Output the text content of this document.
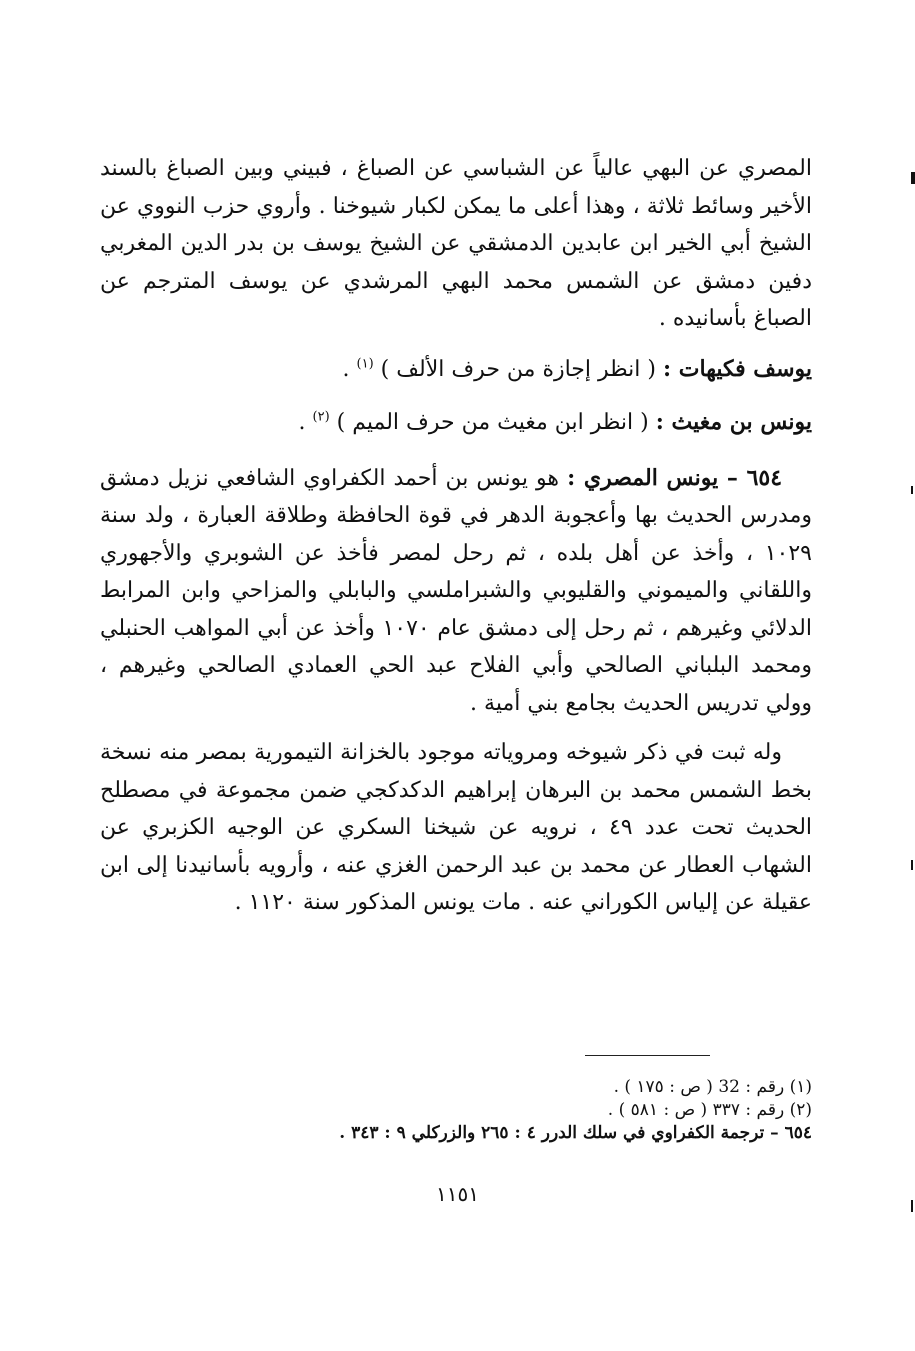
المصري عن البهي عالياً عن الشباسي عن الصباغ ، فبيني وبين الصباغ بالسند الأخير وسائط ثلاثة ، وهذا أعلى ما يمكن لكبار شيوخنا . وأروي حزب النووي عن الشيخ أبي الخير ابن عابدين الدمشقي عن الشيخ يوسف بن بدر الدين المغربي دفين دمشق عن الشمس محمد البهي المرشدي عن يوسف المترجم عن الصباغ بأسانيده .

يوسف فكيهات : ( انظر إجازة من حرف الألف ) $^{(١)}$ .

يونس بن مغيث : ( انظر ابن مغيث من حرف الميم ) $^{(٢)}$ .

٦٥٤ – يونس المصري : هو يونس بن أحمد الكفراوي الشافعي نزيل دمشق ومدرس الحديث بها وأعجوبة الدهر في قوة الحافظة وطلاقة العبارة ، ولد سنة ١٠٢٩ ، وأخذ عن أهل بلده ، ثم رحل لمصر فأخذ عن الشوبري والأجهوري واللقاني والميموني والقليوبي والشبراملسي والبابلي والمزاحي وابن المرابط الدلائي وغيرهم ، ثم رحل إلى دمشق عام ١٠٧٠ وأخذ عن أبي المواهب الحنبلي ومحمد البلباني الصالحي وأبي الفلاح عبد الحي العمادي الصالحي وغيرهم ، وولي تدريس الحديث بجامع بني أمية .

وله ثبت في ذكر شيوخه ومروياته موجود بالخزانة التيمورية بمصر منه نسخة بخط الشمس محمد بن البرهان إبراهيم الدكدكجي ضمن مجموعة في مصطلح الحديث تحت عدد ٤٩ ، نرويه عن شيخنا السكري عن الوجيه الكزبري عن الشهاب العطار عن محمد بن عبد الرحمن الغزي عنه ، وأرويه بأسانيدنا إلى ابن عقيلة عن إلياس الكوراني عنه . مات يونس المذكور سنة ١١٢٠ .

(١) رقم : 32 ( ص : ١٧٥ ) .

(٢) رقم : ٣٣٧ ( ص : ٥٨١ ) .

٦٥٤ – ترجمة الكفراوي في سلك الدرر ٤ : ٢٦٥ والزركلي ٩ : ٣٤٣ .

١١٥١
